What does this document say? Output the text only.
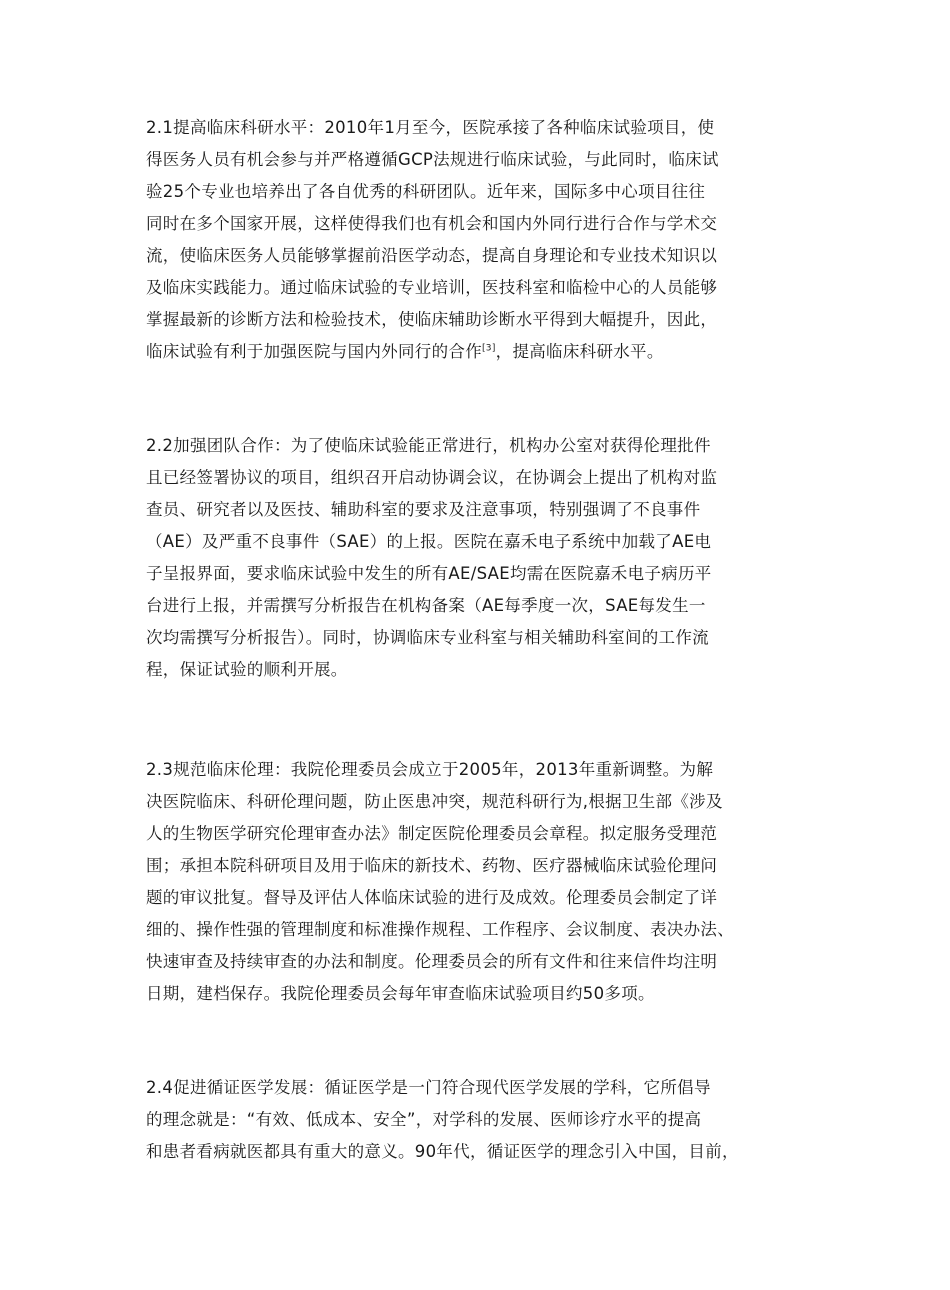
2.1提高临床科研水平：2010年1月至今，医院承接了各种临床试验项目，使
得医务人员有机会参与并严格遵循GCP法规进行临床试验，与此同时，临床试
验25个专业也培养出了各自优秀的科研团队。近年来，国际多中心项目往往
同时在多个国家开展，这样使得我们也有机会和国内外同行进行合作与学术交
流，使临床医务人员能够掌握前沿医学动态，提高自身理论和专业技术知识以
及临床实践能力。通过临床试验的专业培训，医技科室和临检中心的人员能够
掌握最新的诊断方法和检验技术，使临床辅助诊断水平得到大幅提升，因此，
临床试验有利于加强医院与国内外同行的合作[3]，提高临床科研水平。
2.2加强团队合作：为了使临床试验能正常进行，机构办公室对获得伦理批件
且已经签署协议的项目，组织召开启动协调会议，在协调会上提出了机构对监
查员、研究者以及医技、辅助科室的要求及注意事项，特别强调了不良事件
（AE）及严重不良事件（SAE）的上报。医院在嘉禾电子系统中加载了AE电
子呈报界面，要求临床试验中发生的所有AE/SAE均需在医院嘉禾电子病历平
台进行上报，并需撰写分析报告在机构备案（AE每季度一次，SAE每发生一
次均需撰写分析报告）。同时，协调临床专业科室与相关辅助科室间的工作流
程，保证试验的顺利开展。
2.3规范临床伦理：我院伦理委员会成立于2005年，2013年重新调整。为解
决医院临床、科研伦理问题，防止医患冲突，规范科研行为,根据卫生部《涉及
人的生物医学研究伦理审查办法》制定医院伦理委员会章程。拟定服务受理范
围；承担本院科研项目及用于临床的新技术、药物、医疗器械临床试验伦理问
题的审议批复。督导及评估人体临床试验的进行及成效。伦理委员会制定了详
细的、操作性强的管理制度和标准操作规程、工作程序、会议制度、表决办法、
快速审查及持续审查的办法和制度。伦理委员会的所有文件和往来信件均注明
日期，建档保存。我院伦理委员会每年审查临床试验项目约50多项。
2.4促进循证医学发展：循证医学是一门符合现代医学发展的学科，它所倡导
的理念就是：“有效、低成本、安全”，对学科的发展、医师诊疗水平的提高
和患者看病就医都具有重大的意义。90年代，循证医学的理念引入中国，目前，
